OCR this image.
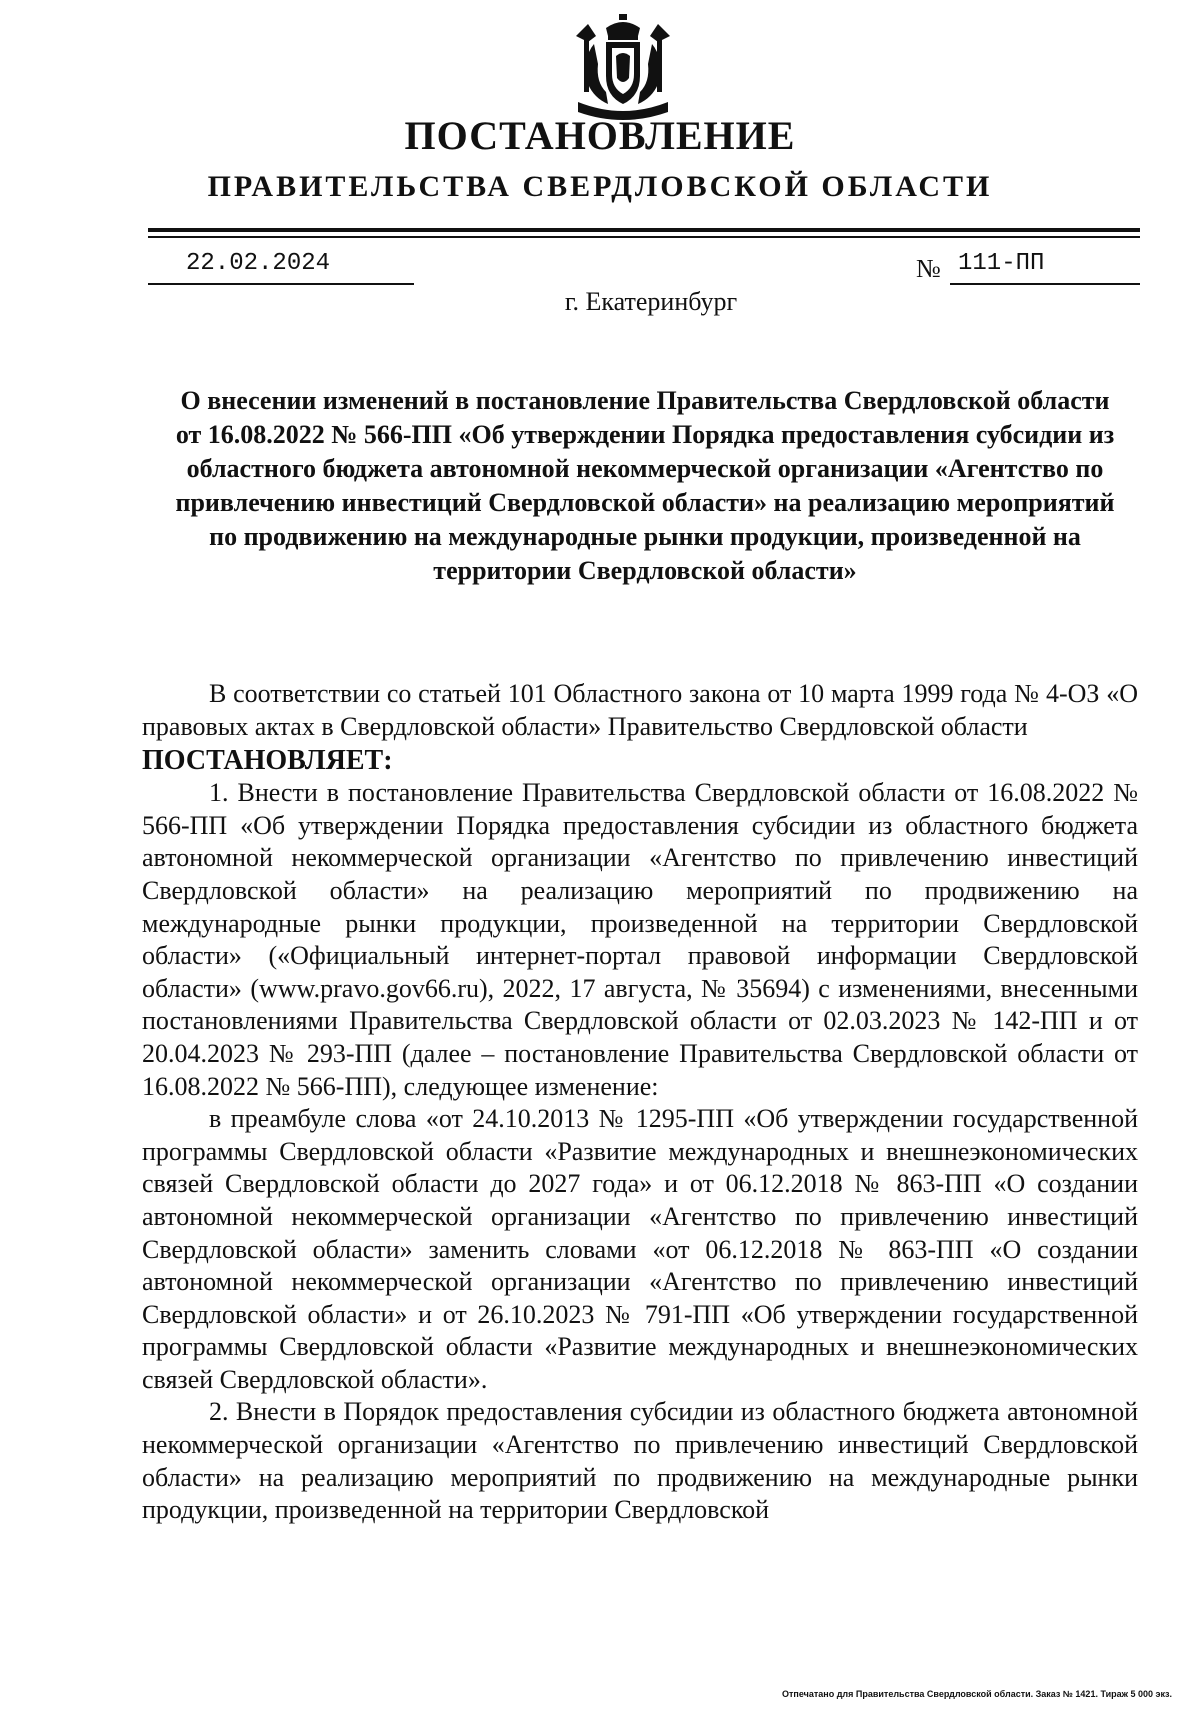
ПОСТАНОВЛЕНИЕ
ПРАВИТЕЛЬСТВА СВЕРДЛОВСКОЙ ОБЛАСТИ
22.02.2024	№ 111-ПП
г. Екатеринбург
О внесении изменений в постановление Правительства Свердловской области от 16.08.2022 № 566-ПП «Об утверждении Порядка предоставления субсидии из областного бюджета автономной некоммерческой организации «Агентство по привлечению инвестиций Свердловской области» на реализацию мероприятий по продвижению на международные рынки продукции, произведенной на территории Свердловской области»

В соответствии со статьей 101 Областного закона от 10 марта 1999 года № 4-ОЗ «О правовых актах в Свердловской области» Правительство Свердловской области

ПОСТАНОВЛЯЕТ:

1. Внести в постановление Правительства Свердловской области от 16.08.2022 № 566-ПП «Об утверждении Порядка предоставления субсидии из областного бюджета автономной некоммерческой организации «Агентство по привлечению инвестиций Свердловской области» на реализацию мероприятий по продвижению на международные рынки продукции, произведенной на территории Свердловской области» («Официальный интернет-портал правовой информации Свердловской области» (www.pravo.gov66.ru), 2022, 17 августа, № 35694) с изменениями, внесенными постановлениями Правительства Свердловской области от 02.03.2023 № 142-ПП и от 20.04.2023 № 293-ПП (далее – постановление Правительства Свердловской области от 16.08.2022 № 566-ПП), следующее изменение:

в преамбуле слова «от 24.10.2013 № 1295-ПП «Об утверждении государственной программы Свердловской области «Развитие международных и внешнеэкономических связей Свердловской области до 2027 года» и от 06.12.2018 № 863-ПП «О создании автономной некоммерческой организации «Агентство по привлечению инвестиций Свердловской области» заменить словами «от 06.12.2018 № 863-ПП «О создании автономной некоммерческой организации «Агентство по привлечению инвестиций Свердловской области» и от 26.10.2023 № 791-ПП «Об утверждении государственной программы Свердловской области «Развитие международных и внешнеэкономических связей Свердловской области».

2. Внести в Порядок предоставления субсидии из областного бюджета автономной некоммерческой организации «Агентство по привлечению инвестиций Свердловской области» на реализацию мероприятий по продвижению на международные рынки продукции, произведенной на территории Свердловской

Отпечатано для Правительства Свердловской области. Заказ № 1421. Тираж 5 000 экз.
